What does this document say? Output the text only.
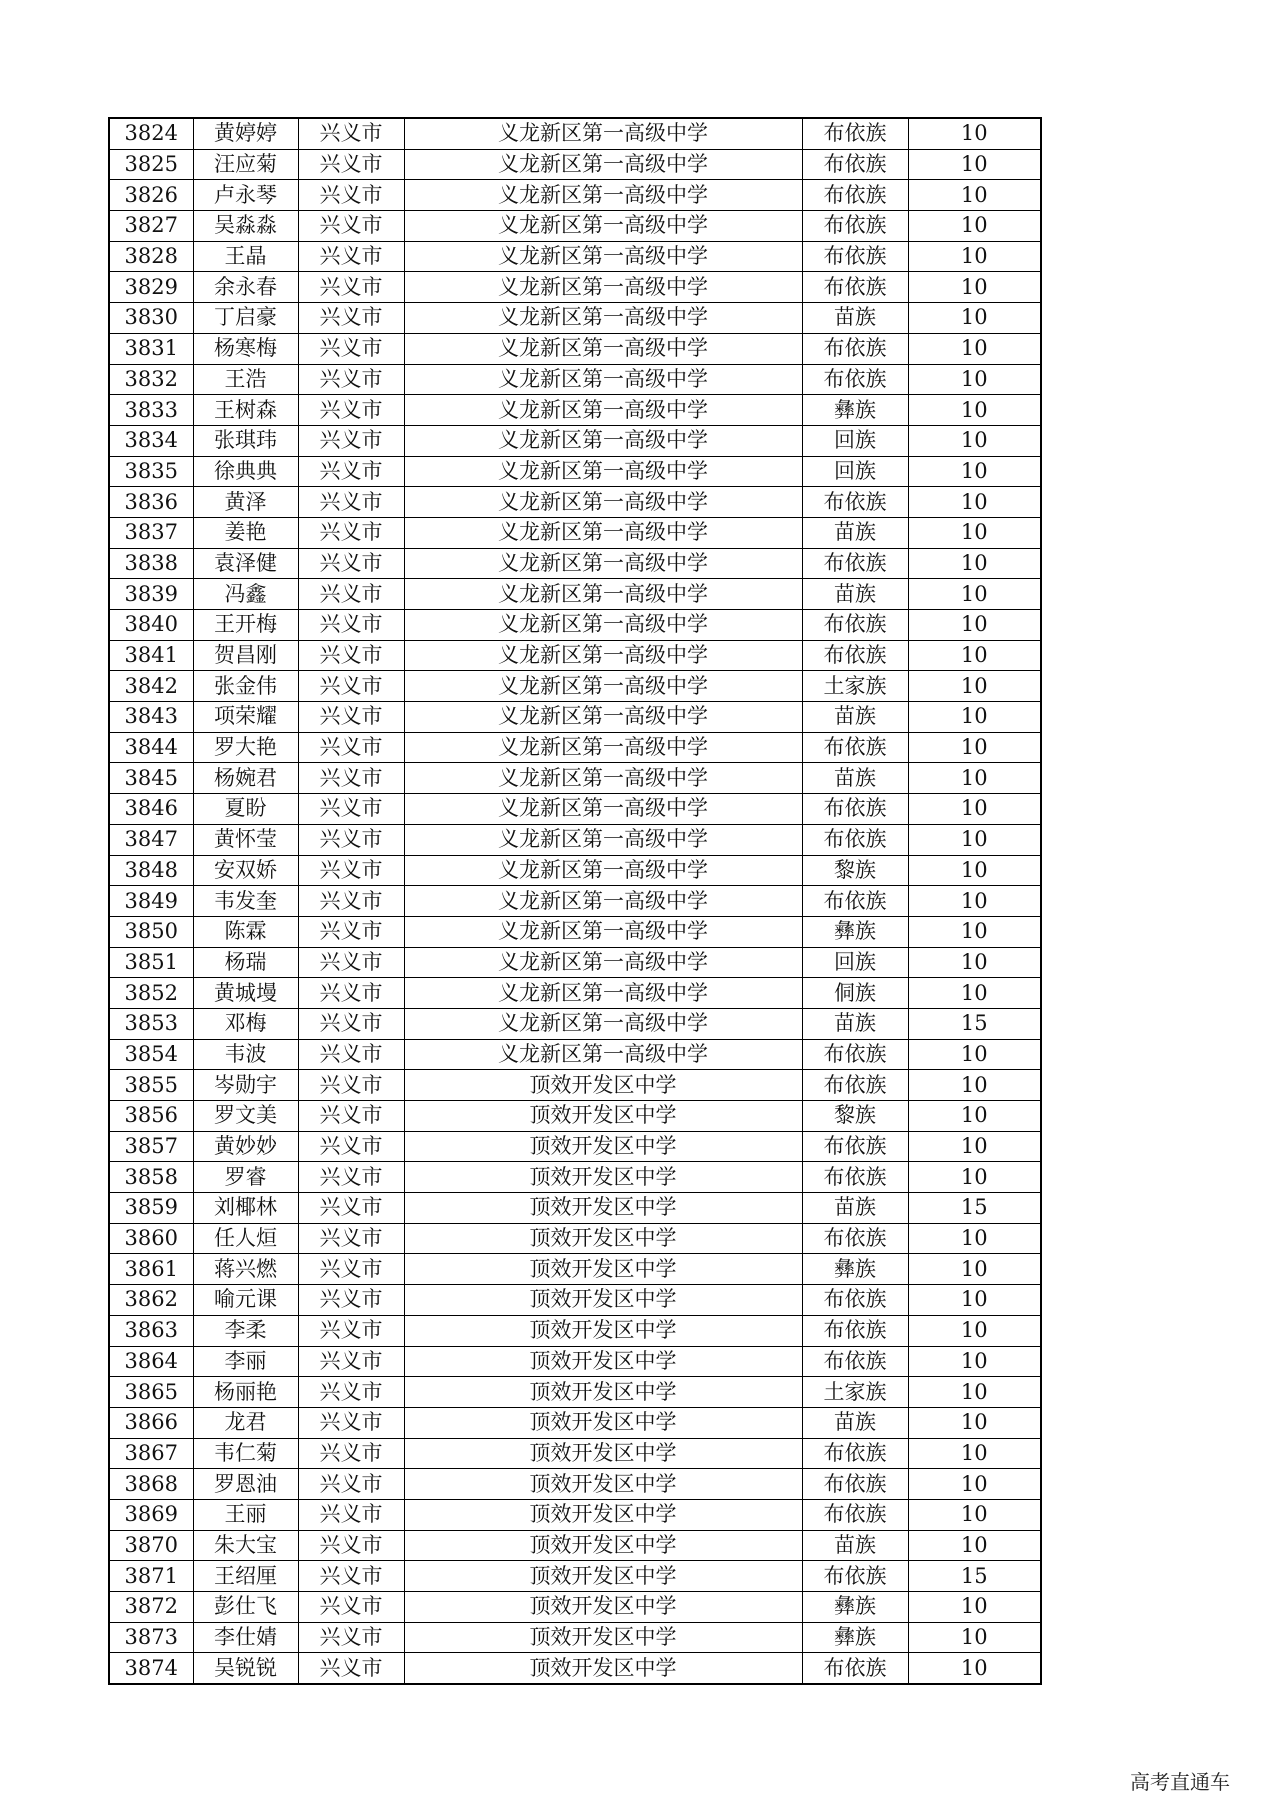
3824	黄婷婷	兴义市	义龙新区第一高级中学	布依族	10
3825	汪应菊	兴义市	义龙新区第一高级中学	布依族	10
3826	卢永琴	兴义市	义龙新区第一高级中学	布依族	10
3827	吴淼淼	兴义市	义龙新区第一高级中学	布依族	10
3828	王晶	兴义市	义龙新区第一高级中学	布依族	10
3829	余永春	兴义市	义龙新区第一高级中学	布依族	10
3830	丁启豪	兴义市	义龙新区第一高级中学	苗族	10
3831	杨寒梅	兴义市	义龙新区第一高级中学	布依族	10
3832	王浩	兴义市	义龙新区第一高级中学	布依族	10
3833	王树森	兴义市	义龙新区第一高级中学	彝族	10
3834	张琪玮	兴义市	义龙新区第一高级中学	回族	10
3835	徐典典	兴义市	义龙新区第一高级中学	回族	10
3836	黄泽	兴义市	义龙新区第一高级中学	布依族	10
3837	姜艳	兴义市	义龙新区第一高级中学	苗族	10
3838	袁泽健	兴义市	义龙新区第一高级中学	布依族	10
3839	冯鑫	兴义市	义龙新区第一高级中学	苗族	10
3840	王开梅	兴义市	义龙新区第一高级中学	布依族	10
3841	贺昌刚	兴义市	义龙新区第一高级中学	布依族	10
3842	张金伟	兴义市	义龙新区第一高级中学	土家族	10
3843	项荣耀	兴义市	义龙新区第一高级中学	苗族	10
3844	罗大艳	兴义市	义龙新区第一高级中学	布依族	10
3845	杨婉君	兴义市	义龙新区第一高级中学	苗族	10
3846	夏盼	兴义市	义龙新区第一高级中学	布依族	10
3847	黄怀莹	兴义市	义龙新区第一高级中学	布依族	10
3848	安双娇	兴义市	义龙新区第一高级中学	黎族	10
3849	韦发奎	兴义市	义龙新区第一高级中学	布依族	10
3850	陈霖	兴义市	义龙新区第一高级中学	彝族	10
3851	杨瑞	兴义市	义龙新区第一高级中学	回族	10
3852	黄城墁	兴义市	义龙新区第一高级中学	侗族	10
3853	邓梅	兴义市	义龙新区第一高级中学	苗族	15
3854	韦波	兴义市	义龙新区第一高级中学	布依族	10
3855	岑勋宇	兴义市	顶效开发区中学	布依族	10
3856	罗文美	兴义市	顶效开发区中学	黎族	10
3857	黄妙妙	兴义市	顶效开发区中学	布依族	10
3858	罗睿	兴义市	顶效开发区中学	布依族	10
3859	刘椰林	兴义市	顶效开发区中学	苗族	15
3860	任人烜	兴义市	顶效开发区中学	布依族	10
3861	蒋兴燃	兴义市	顶效开发区中学	彝族	10
3862	喻元课	兴义市	顶效开发区中学	布依族	10
3863	李柔	兴义市	顶效开发区中学	布依族	10
3864	李丽	兴义市	顶效开发区中学	布依族	10
3865	杨丽艳	兴义市	顶效开发区中学	土家族	10
3866	龙君	兴义市	顶效开发区中学	苗族	10
3867	韦仁菊	兴义市	顶效开发区中学	布依族	10
3868	罗恩油	兴义市	顶效开发区中学	布依族	10
3869	王丽	兴义市	顶效开发区中学	布依族	10
3870	朱大宝	兴义市	顶效开发区中学	苗族	10
3871	王绍厘	兴义市	顶效开发区中学	布依族	15
3872	彭仕飞	兴义市	顶效开发区中学	彝族	10
3873	李仕婧	兴义市	顶效开发区中学	彝族	10
3874	吴锐锐	兴义市	顶效开发区中学	布依族	10
高考直通车
